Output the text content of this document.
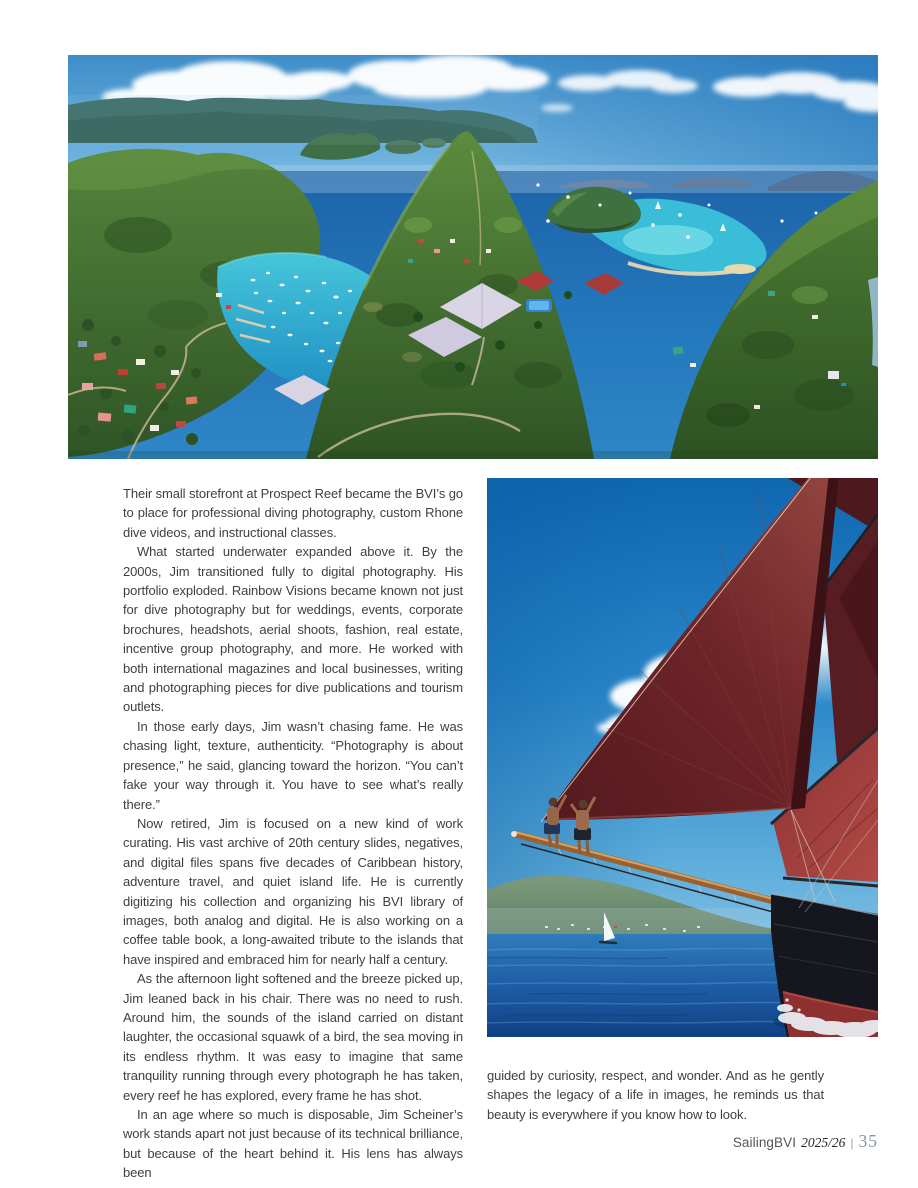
Their small storefront at Prospect Reef became the BVI’s go to place for professional diving photography, custom Rhone dive videos, and instructional classes.

What started underwater expanded above it. By the 2000s, Jim transitioned fully to digital photography. His portfolio exploded. Rainbow Visions became known not just for dive photography but for weddings, events, corporate brochures, headshots, aerial shoots, fashion, real estate, incentive group photography, and more. He worked with both international magazines and local businesses, writing and photographing pieces for dive publications and tourism outlets.

In those early days, Jim wasn’t chasing fame. He was chasing light, texture, authenticity. “Photography is about presence,” he said, glancing toward the horizon. “You can’t fake your way through it. You have to see what’s really there.”

Now retired, Jim is focused on a new kind of work curating. His vast archive of 20th century slides, negatives, and digital files spans five decades of Caribbean history, adventure travel, and quiet island life. He is currently digitizing his collection and organizing his BVI library of images, both analog and digital. He is also working on a coffee table book, a long-awaited tribute to the islands that have inspired and embraced him for nearly half a century.

As the afternoon light softened and the breeze picked up, Jim leaned back in his chair. There was no need to rush. Around him, the sounds of the island carried on distant laughter, the occasional squawk of a bird, the sea moving in its endless rhythm. It was easy to imagine that same tranquility running through every photograph he has taken, every reef he has explored, every frame he has shot.

In an age where so much is disposable, Jim Scheiner’s work stands apart not just because of its technical brilliance, but because of the heart behind it. His lens has always been

guided by curiosity, respect, and wonder. And as he gently shapes the legacy of a life in images, he reminds us that beauty is everywhere if you know how to look.

SailingBVI 2025/26 | 35
